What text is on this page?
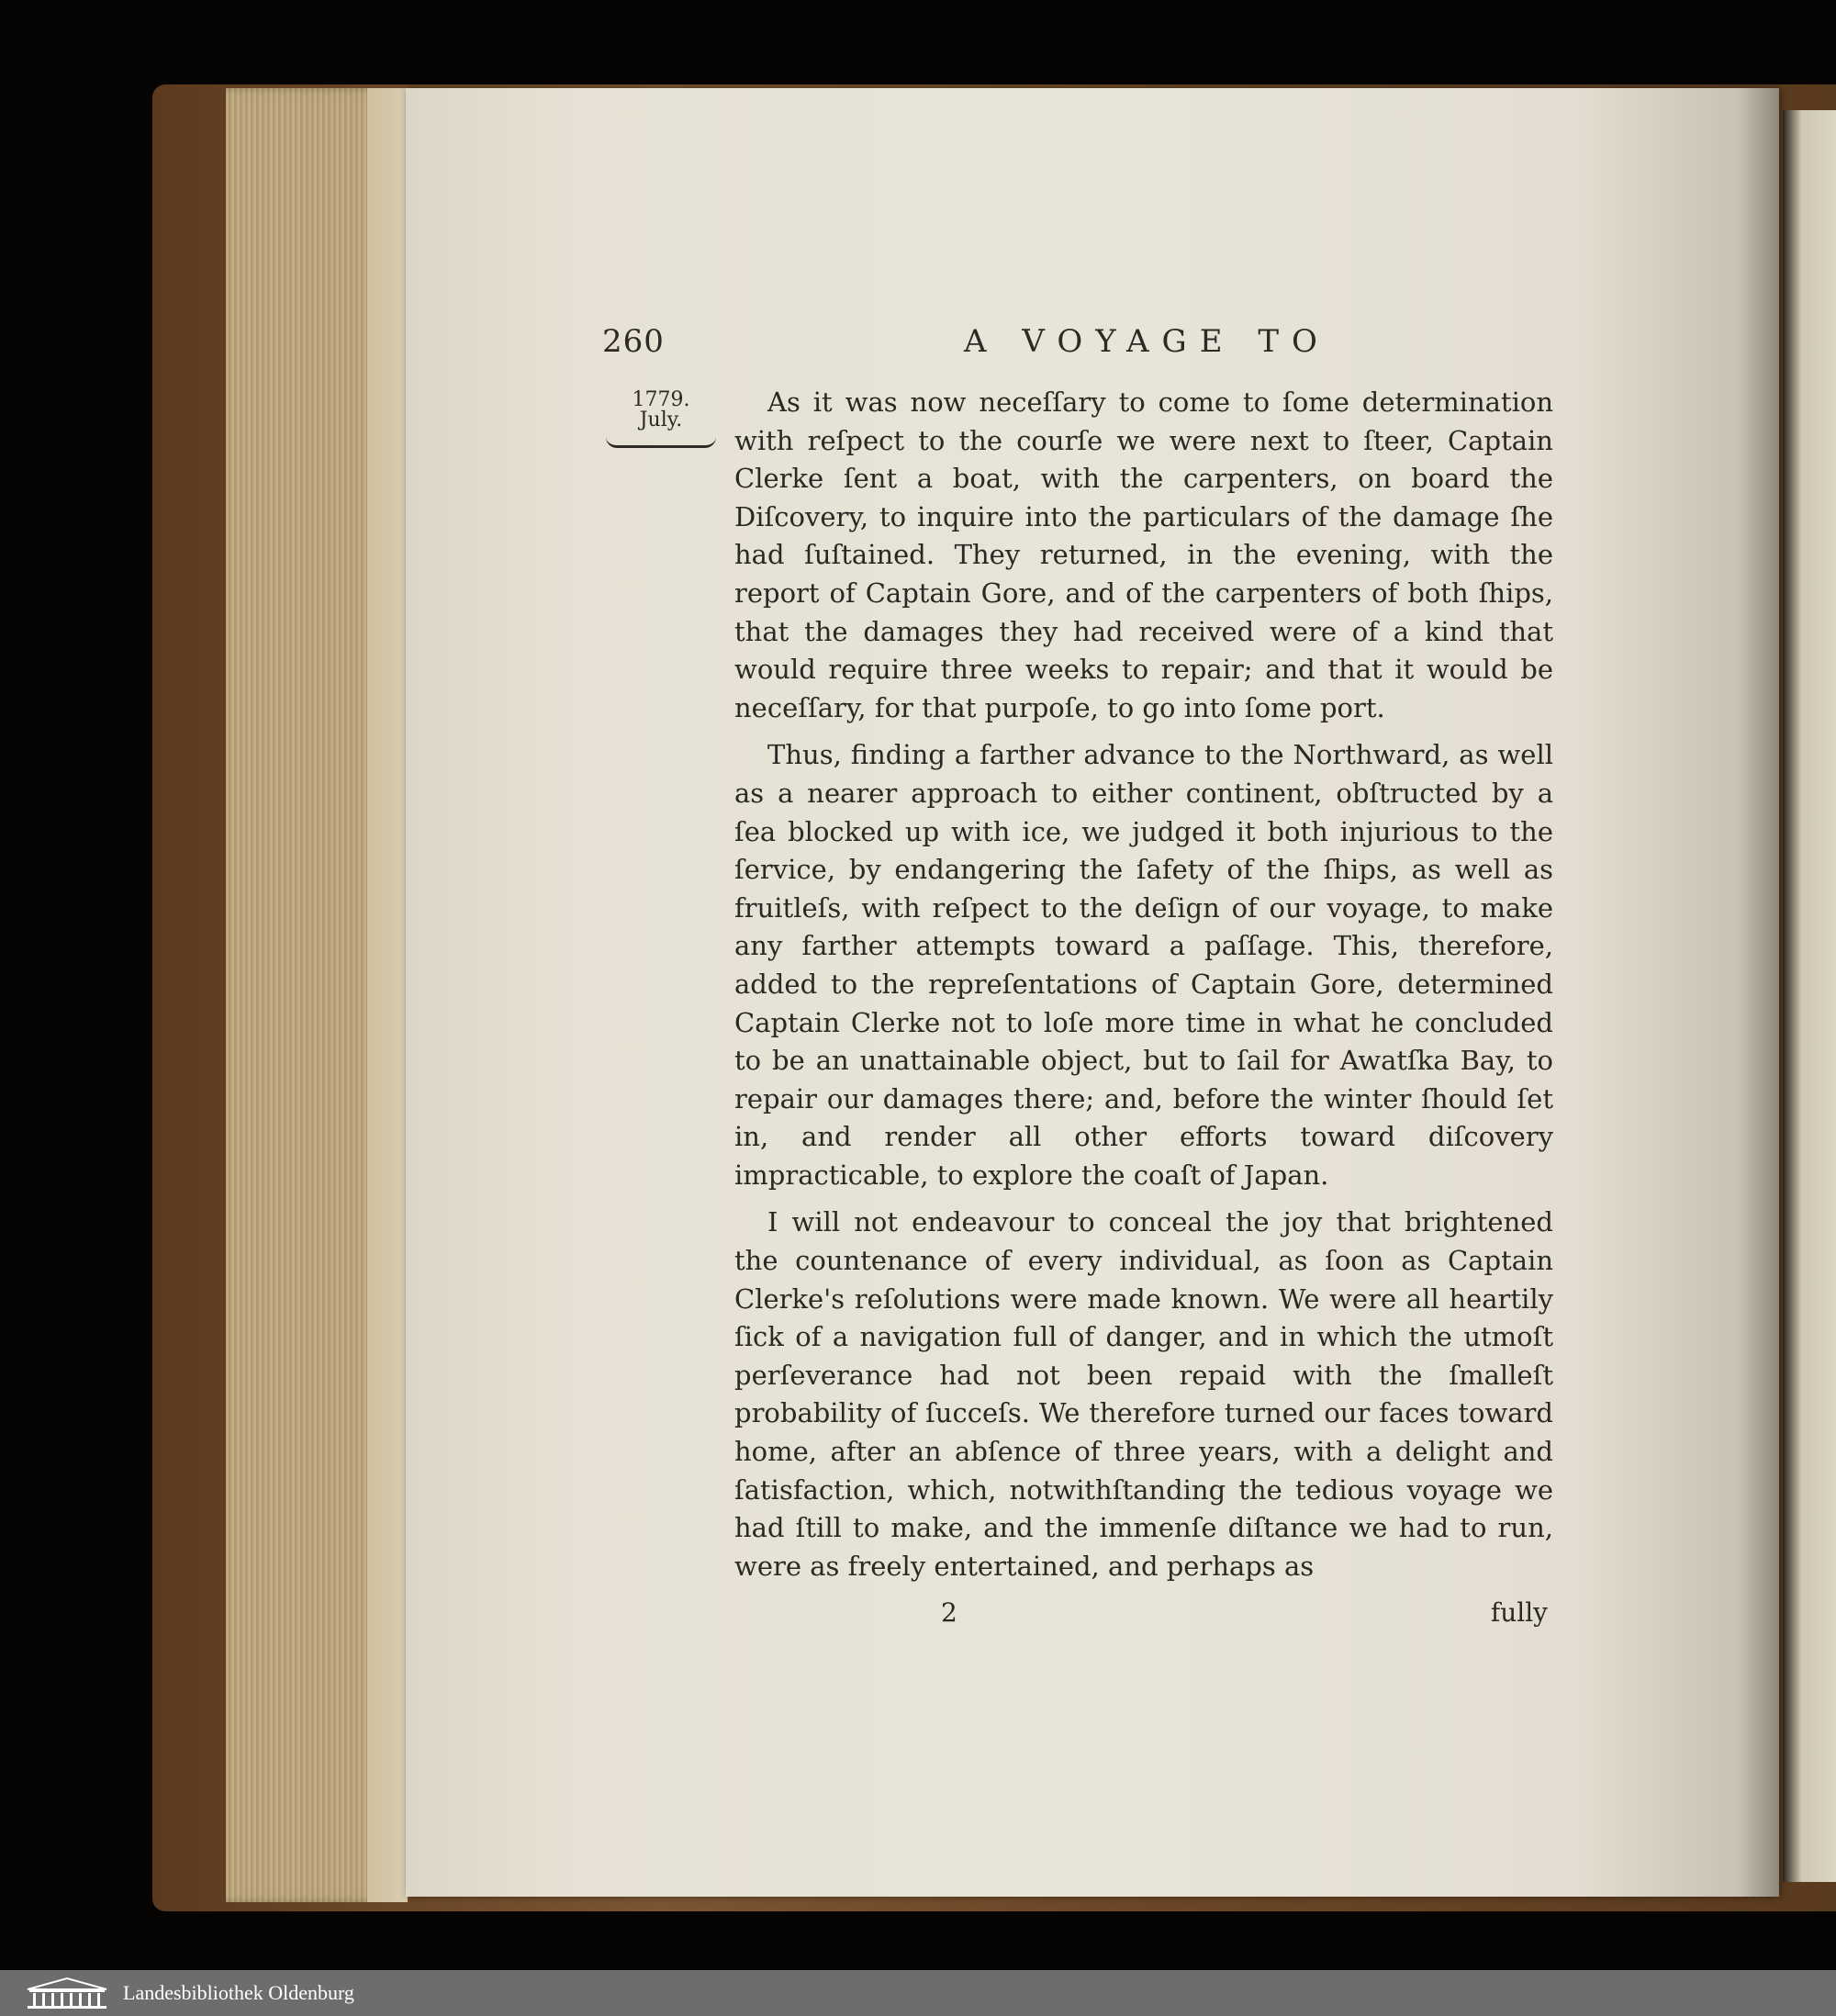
260	A VOYAGE TO
1779.
July.

As it was now neceſſary to come to ſome determination with reſpect to the courſe we were next to ſteer, Captain Clerke ſent a boat, with the carpenters, on board the Diſcovery, to inquire into the particulars of the damage ſhe had ſuſtained. They returned, in the evening, with the report of Captain Gore, and of the carpenters of both ſhips, that the damages they had received were of a kind that would require three weeks to repair; and that it would be neceſſary, for that purpoſe, to go into ſome port.

Thus, finding a farther advance to the Northward, as well as a nearer approach to either continent, obſtructed by a ſea blocked up with ice, we judged it both injurious to the ſervice, by endangering the ſafety of the ſhips, as well as fruitleſs, with reſpect to the deſign of our voyage, to make any farther attempts toward a paſſage. This, therefore, added to the repreſentations of Captain Gore, determined Captain Clerke not to loſe more time in what he concluded to be an unattainable object, but to ſail for Awatſka Bay, to repair our damages there; and, before the winter ſhould ſet in, and render all other efforts toward diſcovery impracticable, to explore the coaſt of Japan.

I will not endeavour to conceal the joy that brightened the countenance of every individual, as ſoon as Captain Clerke's reſolutions were made known. We were all heartily ſick of a navigation full of danger, and in which the utmoſt perſeverance had not been repaid with the ſmalleſt probability of ſucceſs. We therefore turned our faces toward home, after an abſence of three years, with a delight and ſatisfaction, which, notwithſtanding the tedious voyage we had ſtill to make, and the immenſe diſtance we had to run, were as freely entertained, and perhaps as

2	fully
Landesbibliothek Oldenburg
